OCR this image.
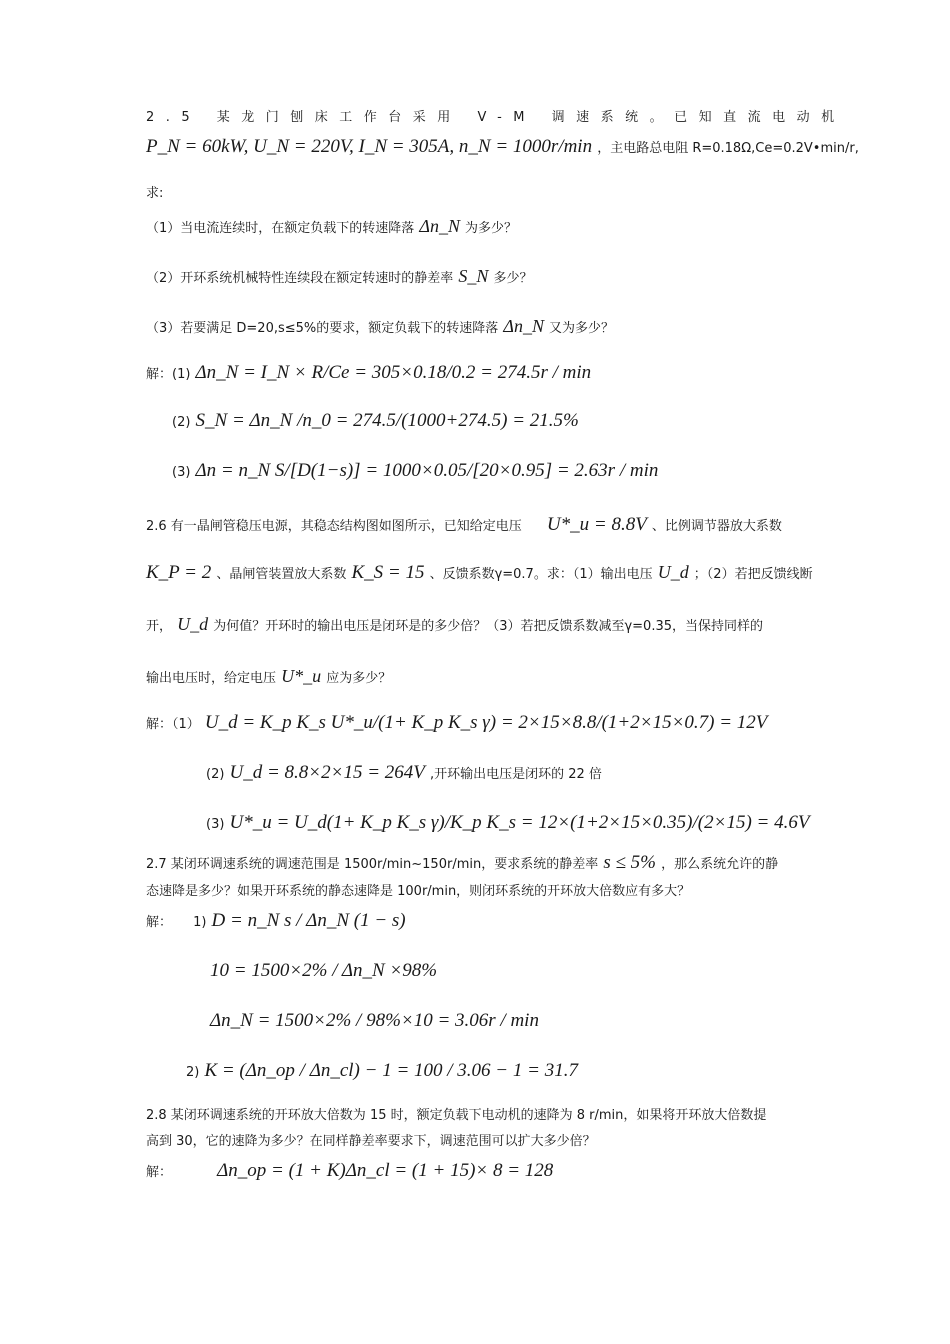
2.5 某龙门刨床工作台采用 V-M 调速系统。已知直流电动机
P_N = 60kW, U_N = 220V, I_N = 305A, n_N = 1000r/min ，主电路总电阻 R=0.18Ω,Ce=0.2V•min/r,
求:
（1）当电流连续时，在额定负载下的转速降落 Δn_N 为多少？
（2）开环系统机械特性连续段在额定转速时的静差率 S_N 多少？
（3）若要满足 D=20,s≤5%的要求，额定负载下的转速降落 Δn_N 又为多少？
解：(1) Δn_N = I_N × R/Ce = 305×0.18/0.2 = 274.5r / min
(2) S_N = Δn_N /n_0 = 274.5/(1000+274.5) = 21.5%
(3) Δn = n_N S/[D(1−s)] = 1000×0.05/[20×0.95] = 2.63r / min
2.6 有一晶闸管稳压电源，其稳态结构图如图所示，已知给定电压 U*_u = 8.8V 、比例调节器放大系数
K_P = 2 、晶闸管装置放大系数 K_S = 15 、反馈系数γ=0.7。求：（1）输出电压 U_d ；（2）若把反馈线断
开， U_d 为何值？开环时的输出电压是闭环是的多少倍？（3）若把反馈系数减至γ=0.35，当保持同样的
输出电压时，给定电压 U*_u 应为多少？
解：（1） U_d = K_p K_s U*_u/(1+ K_p K_s γ) = 2×15×8.8/(1+2×15×0.7) = 12V
(2) U_d = 8.8×2×15 = 264V ,开环输出电压是闭环的 22 倍
(3) U*_u = U_d(1+ K_p K_s γ)/K_p K_s = 12×(1+2×15×0.35)/(2×15) = 4.6V
2.7 某闭环调速系统的调速范围是 1500r/min~150r/min，要求系统的静差率 s ≤ 5% ，那么系统允许的静
态速降是多少？如果开环系统的静态速降是 100r/min，则闭环系统的开环放大倍数应有多大？
解： 1) D = n_N s / Δn_N (1 − s)
10 = 1500×2% / Δn_N ×98%
Δn_N = 1500×2% / 98%×10 = 3.06r / min
2) K = (Δn_op / Δn_cl) − 1 = 100 / 3.06 − 1 = 31.7
2.8 某闭环调速系统的开环放大倍数为 15 时，额定负载下电动机的速降为 8 r/min，如果将开环放大倍数提
高到 30，它的速降为多少？在同样静差率要求下，调速范围可以扩大多少倍？
解： Δn_op = (1 + K)Δn_cl = (1 + 15)× 8 = 128
